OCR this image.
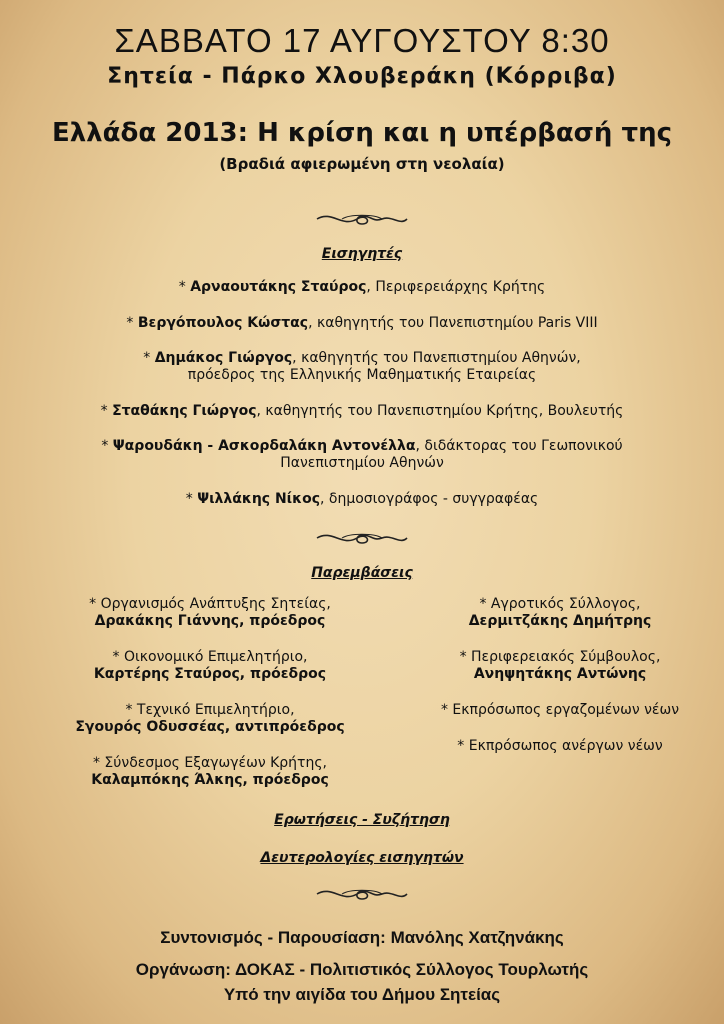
ΣΑΒΒΑΤΟ 17 ΑΥΓΟΥΣΤΟΥ 8:30
Σητεία - Πάρκο Χλουβεράκη (Κόρριβα)
Ελλάδα 2013: Η κρίση και η υπέρβασή της
(Βραδιά αφιερωμένη στη νεολαία)
Εισηγητές
* Αρναουτάκης Σταύρος, Περιφερειάρχης Κρήτης
* Βεργόπουλος Κώστας, καθηγητής του Πανεπιστημίου Paris VIII
* Δημάκος Γιώργος, καθηγητής του Πανεπιστημίου Αθηνών,
πρόεδρος της Ελληνικής Μαθηματικής Εταιρείας
* Σταθάκης Γιώργος, καθηγητής του Πανεπιστημίου Κρήτης, Βουλευτής
* Ψαρουδάκη - Ασκορδαλάκη Αντονέλλα, διδάκτορας του Γεωπονικού
Πανεπιστημίου Αθηνών
* Ψιλλάκης Νίκος, δημοσιογράφος - συγγραφέας
Παρεμβάσεις
* Οργανισμός Ανάπτυξης Σητείας,
Δρακάκης Γιάννης, πρόεδρος
* Οικονομικό Επιμελητήριο,
Καρτέρης Σταύρος, πρόεδρος
* Τεχνικό Επιμελητήριο,
Σγουρός Οδυσσέας, αντιπρόεδρος
* Σύνδεσμος Εξαγωγέων Κρήτης,
Καλαμπόκης Άλκης, πρόεδρος
* Αγροτικός Σύλλογος,
Δερμιτζάκης Δημήτρης
* Περιφερειακός Σύμβουλος,
Ανηψητάκης Αντώνης
* Εκπρόσωπος εργαζομένων νέων
* Εκπρόσωπος ανέργων νέων
Ερωτήσεις - Συζήτηση
Δευτερολογίες εισηγητών
Συντονισμός - Παρουσίαση: Μανόλης Χατζηνάκης
Οργάνωση: ΔΟΚΑΣ - Πολιτιστικός Σύλλογος Τουρλωτής
Υπό την αιγίδα του Δήμου Σητείας
